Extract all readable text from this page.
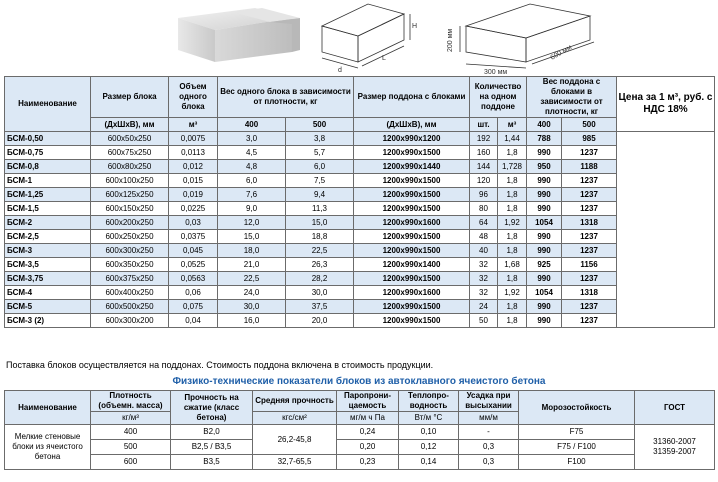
H
d
L
200 мм
300 мм
600 мм
Наименование	Размер блока	Объем одного блока	Вес одного блока в зависимости от плотности, кг		Размер поддона с блоками	Количество на одном поддоне		Вес поддона с блоками в зависимости от плотности, кг		Цена за 1 м³, руб. с НДС 18%
	(ДхШхВ), мм	м³	400	500	(ДхШхВ), мм	шт.	м³	400	500	
БСМ-0,50	600х50х250	0,0075	3,0	3,8	1200х990х1200	192	1,44	788	985	
БСМ-0,75	600х75х250	0,0113	4,5	5,7	1200х990х1500	160	1,8	990	1237	
БСМ-0,8	600х80х250	0,012	4,8	6,0	1200х990х1440	144	1,728	950	1188	
БСМ-1	600х100х250	0,015	6,0	7,5	1200х990х1500	120	1,8	990	1237	
БСМ-1,25	600х125х250	0,019	7,6	9,4	1200х990х1500	96	1,8	990	1237	
БСМ-1,5	600х150х250	0,0225	9,0	11,3	1200х990х1500	80	1,8	990	1237	
БСМ-2	600х200х250	0,03	12,0	15,0	1200х990х1600	64	1,92	1054	1318	
БСМ-2,5	600х250х250	0,0375	15,0	18,8	1200х990х1500	48	1,8	990	1237	
БСМ-3	600х300х250	0,045	18,0	22,5	1200х990х1500	40	1,8	990	1237	
БСМ-3,5	600х350х250	0,0525	21,0	26,3	1200х990х1400	32	1,68	925	1156	
БСМ-3,75	600х375х250	0,0563	22,5	28,2	1200х990х1500	32	1,8	990	1237	
БСМ-4	600х400х250	0,06	24,0	30,0	1200х990х1600	32	1,92	1054	1318	
БСМ-5	600х500х250	0,075	30,0	37,5	1200х990х1500	24	1,8	990	1237	
БСМ-3 (2)	600х300х200	0,04	16,0	20,0	1200х990х1500	50	1,8	990	1237	
Поставка блоков осуществляется на поддонах. Стоимость поддона включена в стоимость продукции.
Физико-технические показатели блоков из автоклавного ячеистого бетона
Наименование	Плотность (объемн. масса)	Прочность на сжатие (класс бетона)	Средняя прочность	Паропрони-цаемость	Теплопро-водность	Усадка при высыхании	Морозостойкость	ГОСТ
	кг/м³		кгс/см²	мг/м ч Па	Вт/м °С	мм/м		
Мелкие стеновые блоки из ячеистого бетона	400	B2,0	26,2-45,8	0,24	0,10	-	F75	31360-2007
31359-2007
	500	B2,5 / B3,5		0,20	0,12	0,3	F75 / F100	
	600	B3,5	32,7-65,5	0,23	0,14	0,3	F100	
